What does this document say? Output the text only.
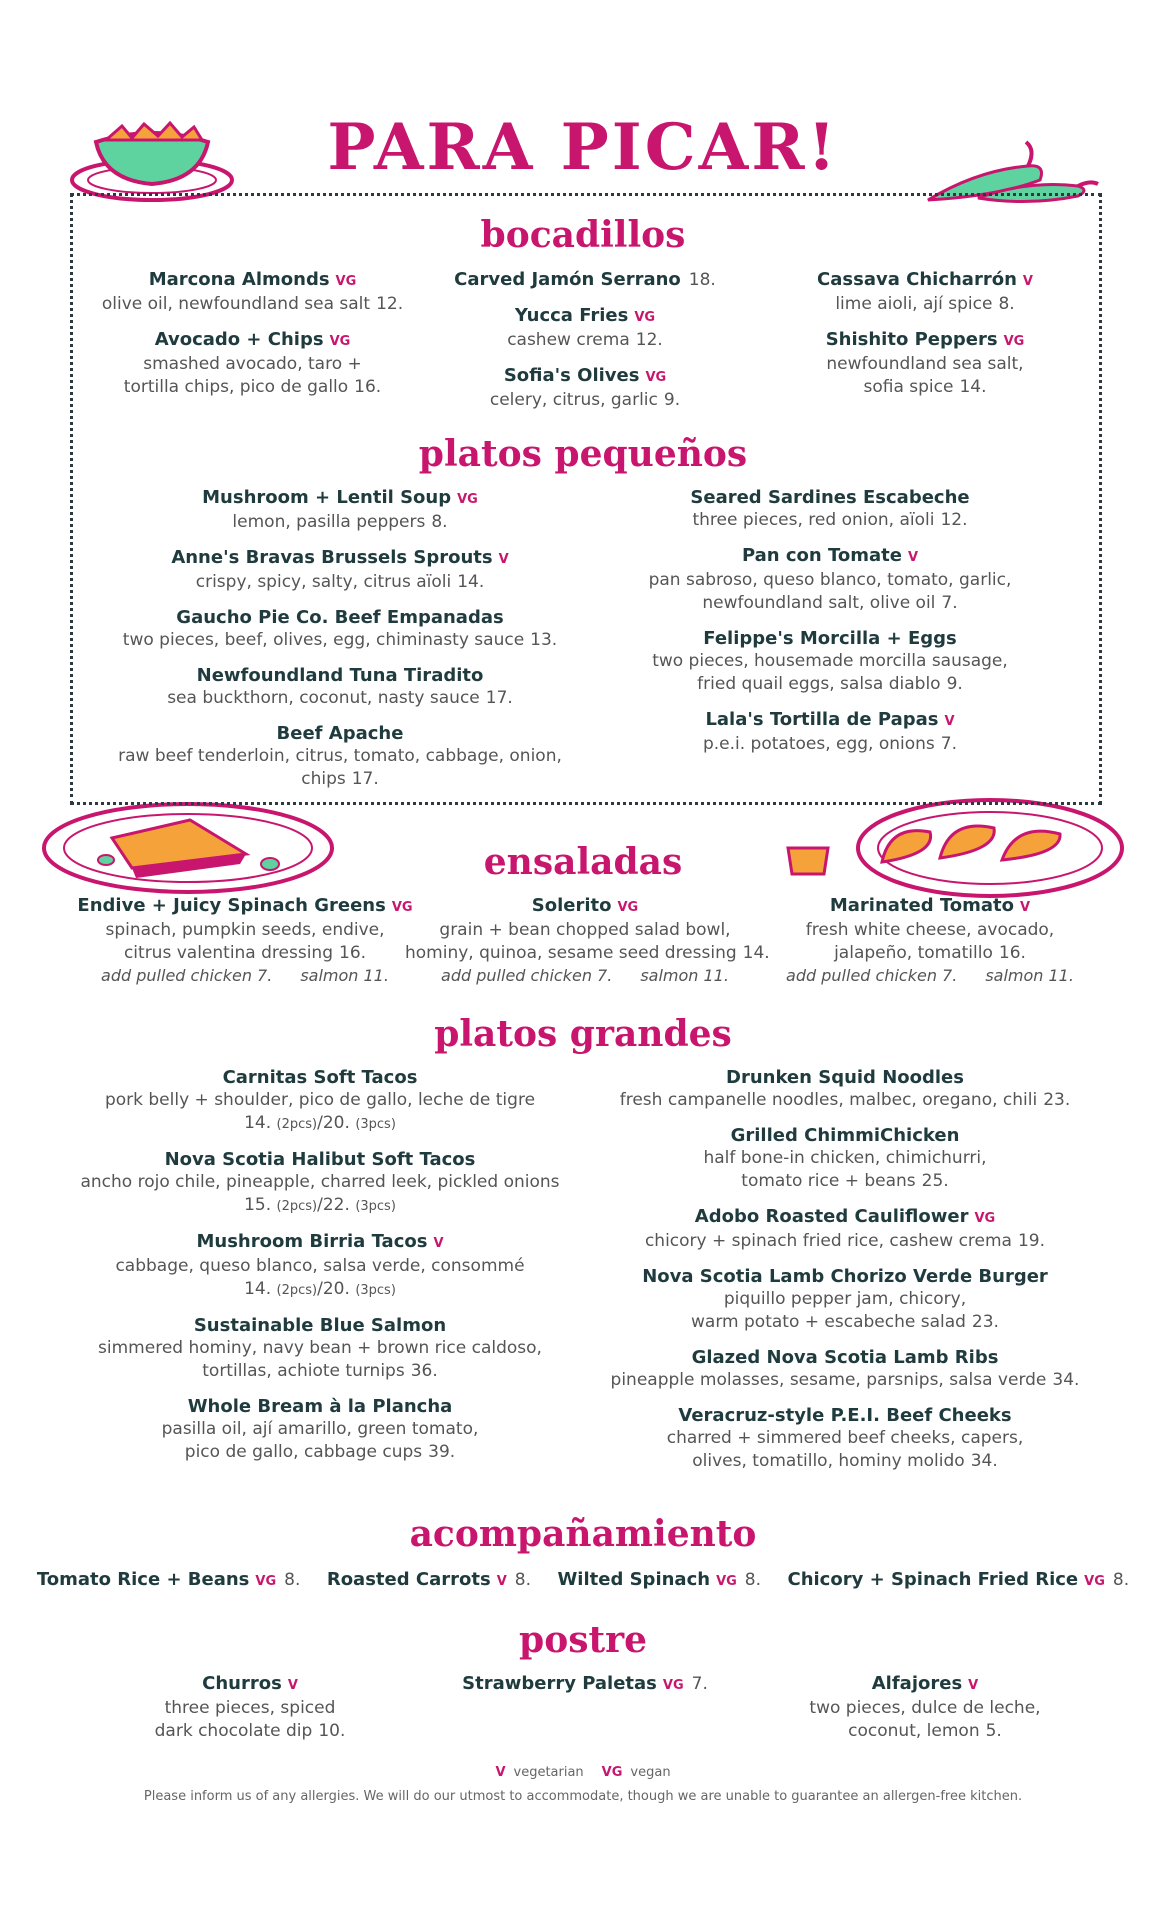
PARA PICAR!
bocadillos
Marcona Almonds VG
olive oil, newfoundland sea salt 12.
Avocado + Chips VG
smashed avocado, taro +
tortilla chips, pico de gallo 16.
Carved Jamón Serrano 18.
Yucca Fries VG
cashew crema 12.
Sofia's Olives VG
celery, citrus, garlic 9.
Cassava Chicharrón V
lime aioli, ají spice 8.
Shishito Peppers VG
newfoundland sea salt,
sofia spice 14.
platos pequeños
Mushroom + Lentil Soup VG
lemon, pasilla peppers 8.
Anne's Bravas Brussels Sprouts V
crispy, spicy, salty, citrus aïoli 14.
Gaucho Pie Co. Beef Empanadas
two pieces, beef, olives, egg, chiminasty sauce 13.
Newfoundland Tuna Tiradito
sea buckthorn, coconut, nasty sauce 17.
Beef Apache
raw beef tenderloin, citrus, tomato, cabbage, onion, chips 17.
Seared Sardines Escabeche
three pieces, red onion, aïoli 12.
Pan con Tomate V
pan sabroso, queso blanco, tomato, garlic,
newfoundland salt, olive oil 7.
Felippe's Morcilla + Eggs
two pieces, housemade morcilla sausage,
fried quail eggs, salsa diablo 9.
Lala's Tortilla de Papas V
p.e.i. potatoes, egg, onions 7.
ensaladas
Endive + Juicy Spinach Greens VG
spinach, pumpkin seeds, endive,
citrus valentina dressing 16.
add pulled chicken 7. salmon 11.
Solerito VG
grain + bean chopped salad bowl,
hominy, quinoa, sesame seed dressing 14.
add pulled chicken 7. salmon 11.
Marinated Tomato V
fresh white cheese, avocado,
jalapeño, tomatillo 16.
add pulled chicken 7. salmon 11.
platos grandes
Carnitas Soft Tacos
pork belly + shoulder, pico de gallo, leche de tigre
14. (2pcs)/20. (3pcs)
Nova Scotia Halibut Soft Tacos
ancho rojo chile, pineapple, charred leek, pickled onions
15. (2pcs)/22. (3pcs)
Mushroom Birria Tacos V
cabbage, queso blanco, salsa verde, consommé
14. (2pcs)/20. (3pcs)
Sustainable Blue Salmon
simmered hominy, navy bean + brown rice caldoso,
tortillas, achiote turnips 36.
Whole Bream à la Plancha
pasilla oil, ají amarillo, green tomato,
pico de gallo, cabbage cups 39.
Drunken Squid Noodles
fresh campanelle noodles, malbec, oregano, chili 23.
Grilled ChimmiChicken
half bone-in chicken, chimichurri,
tomato rice + beans 25.
Adobo Roasted Cauliflower VG
chicory + spinach fried rice, cashew crema 19.
Nova Scotia Lamb Chorizo Verde Burger
piquillo pepper jam, chicory,
warm potato + escabeche salad 23.
Glazed Nova Scotia Lamb Ribs
pineapple molasses, sesame, parsnips, salsa verde 34.
Veracruz-style P.E.I. Beef Cheeks
charred + simmered beef cheeks, capers,
olives, tomatillo, hominy molido 34.
acompañamiento
Tomato Rice + Beans VG 8. Roasted Carrots V 8. Wilted Spinach VG 8. Chicory + Spinach Fried Rice VG 8.
postre
Churros V
three pieces, spiced
dark chocolate dip 10.
Strawberry Paletas VG 7.	Alfajores V
two pieces, dulce de leche,
coconut, lemon 5.
V vegetarian VG vegan
Please inform us of any allergies. We will do our utmost to accommodate, though we are unable to guarantee an allergen-free kitchen.
